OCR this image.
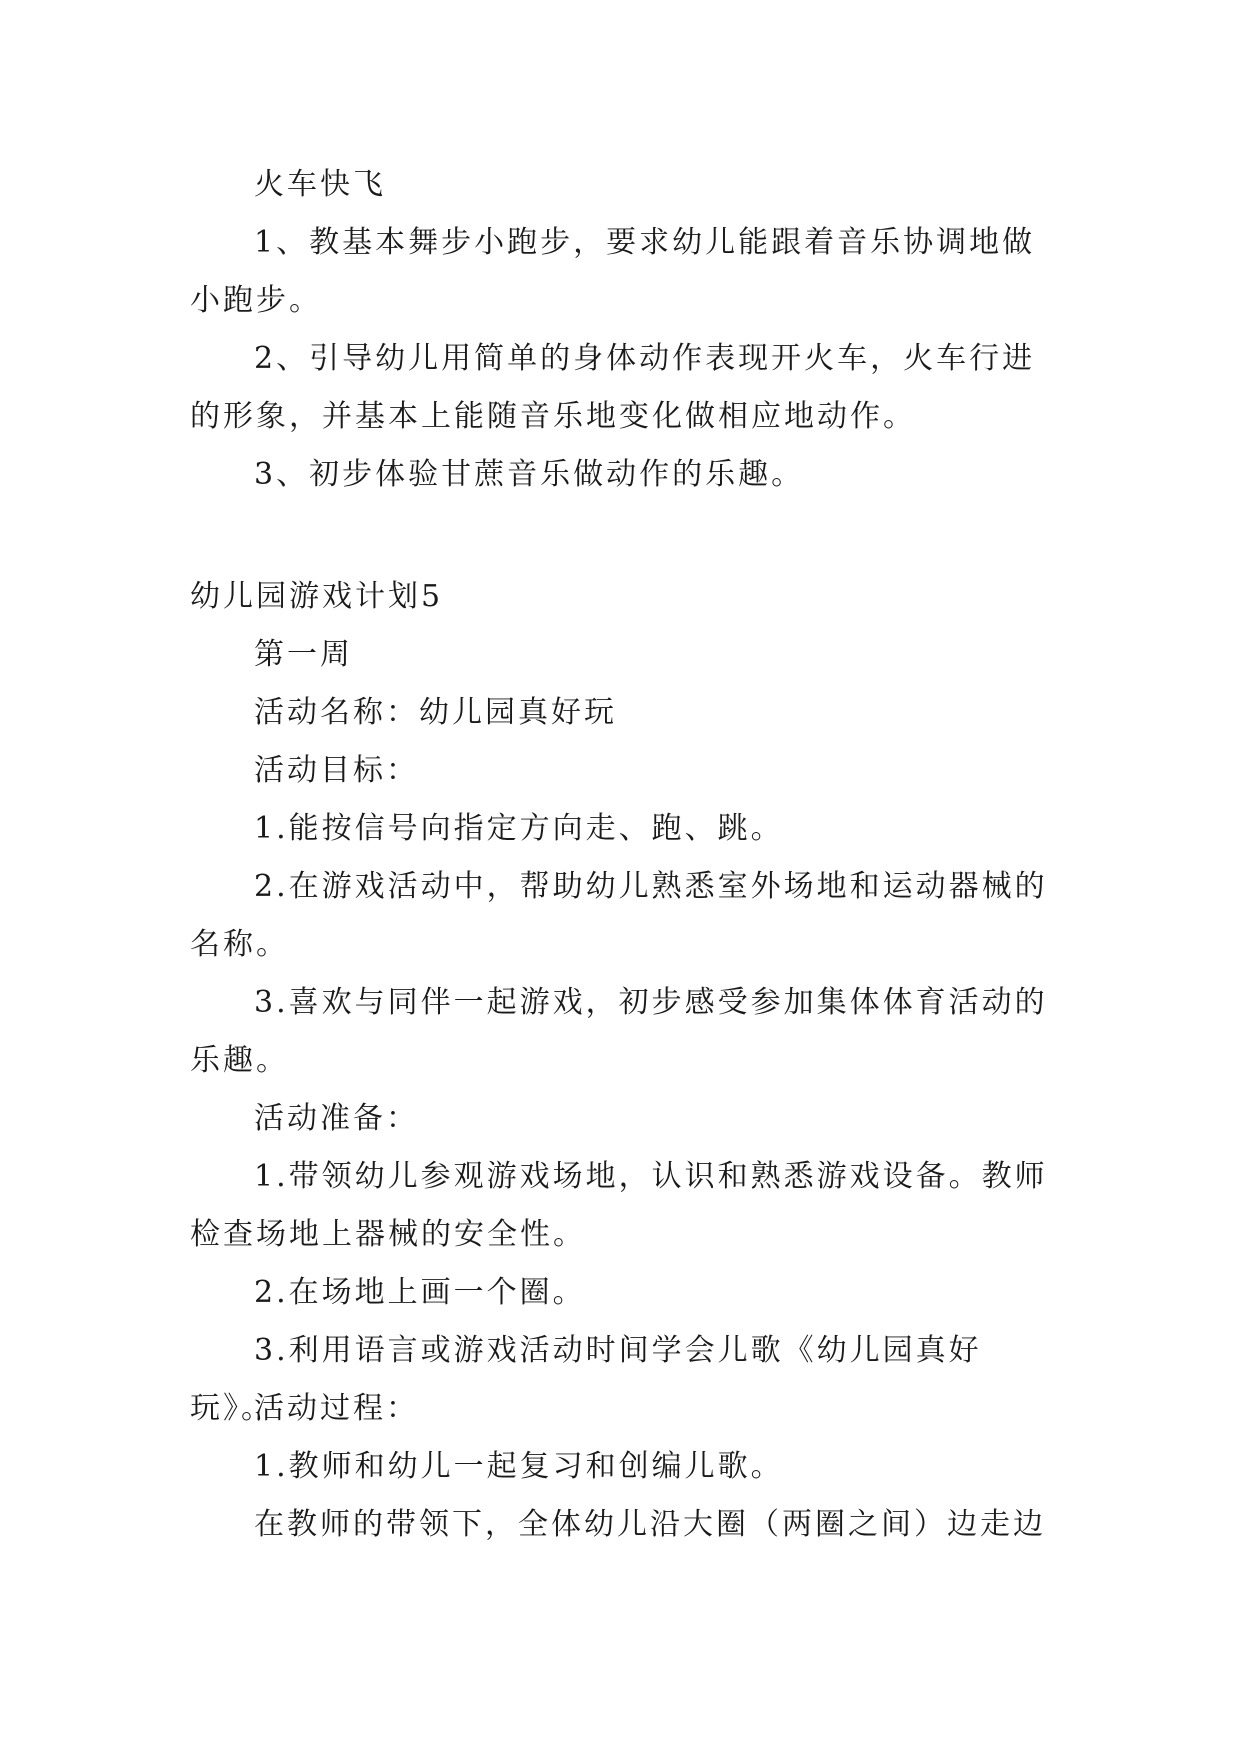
火车快飞

1、教基本舞步小跑步，要求幼儿能跟着音乐协调地做小跑步。

2、引导幼儿用简单的身体动作表现开火车，火车行进的形象，并基本上能随音乐地变化做相应地动作。

3、初步体验甘蔗音乐做动作的乐趣。

幼儿园游戏计划5

第一周

活动名称：幼儿园真好玩

活动目标：

1.能按信号向指定方向走、跑、跳。

2.在游戏活动中，帮助幼儿熟悉室外场地和运动器械的名称。

3.喜欢与同伴一起游戏，初步感受参加集体体育活动的乐趣。

活动准备：

1.带领幼儿参观游戏场地，认识和熟悉游戏设备。教师检查场地上器械的安全性。

2.在场地上画一个圈。

3.利用语言或游戏活动时间学会儿歌《幼儿园真好玩》。

活动过程：

1.教师和幼儿一起复习和创编儿歌。

在教师的带领下，全体幼儿沿大圈（两圈之间）边走边
